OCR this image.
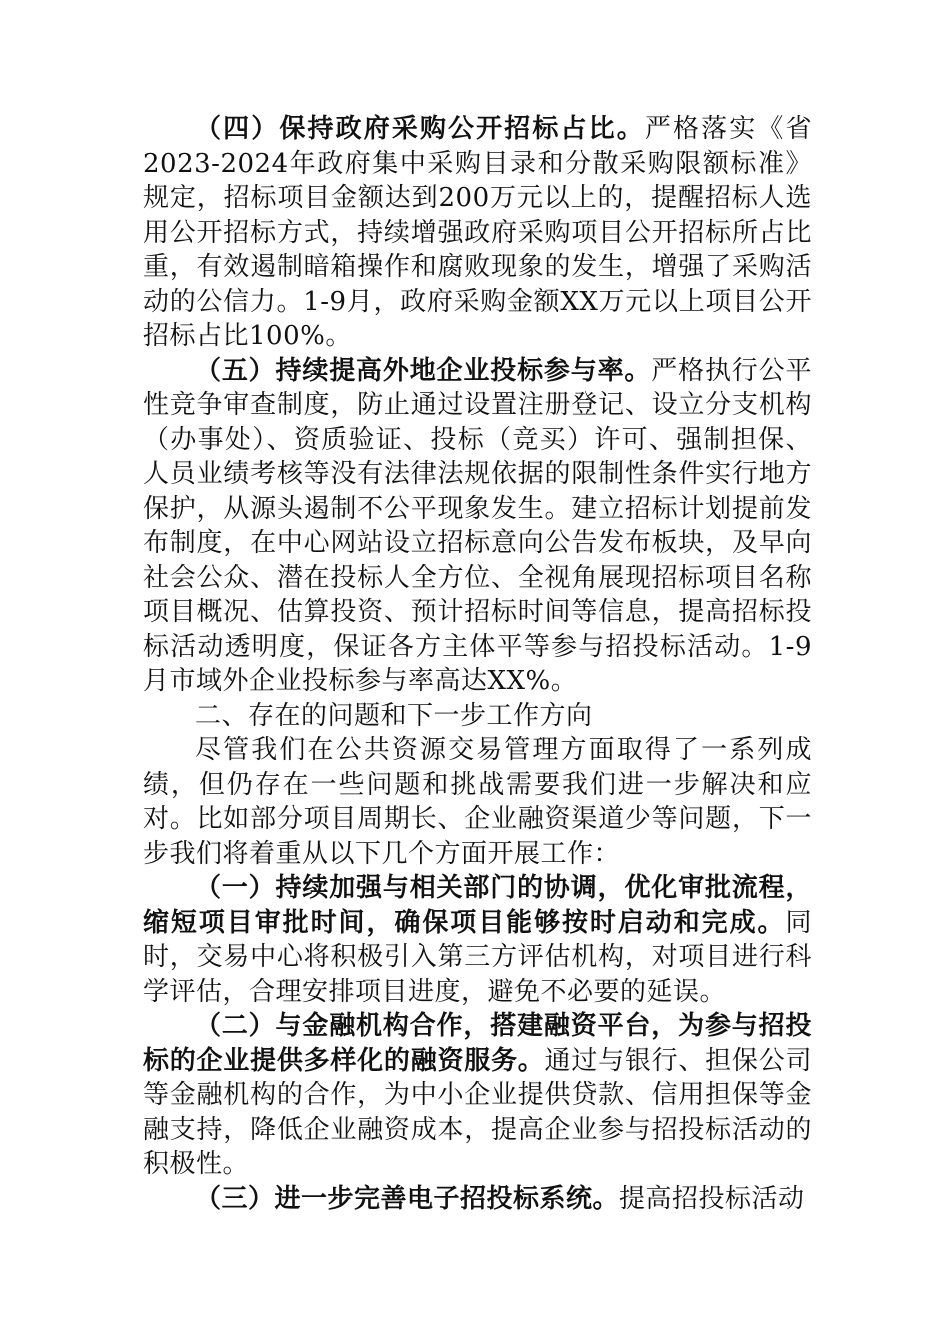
（四）保持政府采购公开招标占比。严格落实《省2023-2024年政府集中采购目录和分散采购限额标准》规定，招标项目金额达到200万元以上的，提醒招标人选用公开招标方式，持续增强政府采购项目公开招标所占比重，有效遏制暗箱操作和腐败现象的发生，增强了采购活动的公信力。1-9月，政府采购金额XX万元以上项目公开招标占比100%。

（五）持续提高外地企业投标参与率。严格执行公平性竞争审查制度，防止通过设置注册登记、设立分支机构（办事处）、资质验证、投标（竞买）许可、强制担保、人员业绩考核等没有法律法规依据的限制性条件实行地方保护，从源头遏制不公平现象发生。建立招标计划提前发布制度，在中心网站设立招标意向公告发布板块，及早向社会公众、潜在投标人全方位、全视角展现招标项目名称项目概况、估算投资、预计招标时间等信息，提高招标投标活动透明度，保证各方主体平等参与招投标活动。1-9月市域外企业投标参与率高达XX%。

二、存在的问题和下一步工作方向

尽管我们在公共资源交易管理方面取得了一系列成绩，但仍存在一些问题和挑战需要我们进一步解决和应对。比如部分项目周期长、企业融资渠道少等问题，下一步我们将着重从以下几个方面开展工作：

（一）持续加强与相关部门的协调，优化审批流程，缩短项目审批时间，确保项目能够按时启动和完成。同时，交易中心将积极引入第三方评估机构，对项目进行科学评估，合理安排项目进度，避免不必要的延误。

（二）与金融机构合作，搭建融资平台，为参与招投标的企业提供多样化的融资服务。通过与银行、担保公司等金融机构的合作，为中小企业提供贷款、信用担保等金融支持，降低企业融资成本，提高企业参与招投标活动的积极性。

（三）进一步完善电子招投标系统。提高招投标活动
